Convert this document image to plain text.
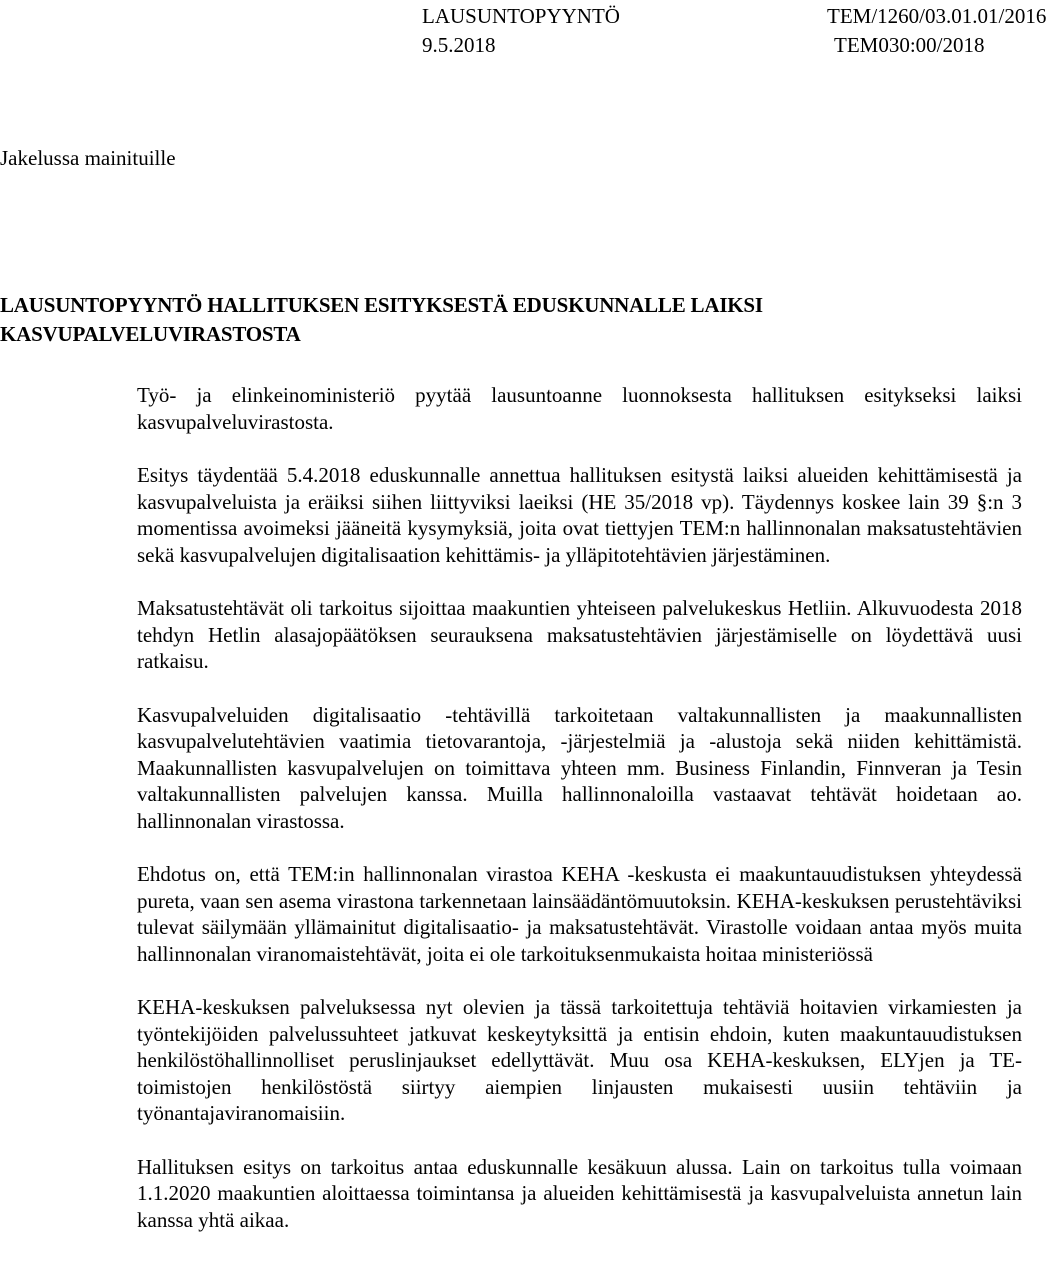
LAUSUNTOPYYNTÖ	TEM/1260/03.01.01/2016
9.5.2018	TEM030:00/2018
Jakelussa mainituille
LAUSUNTOPYYNTÖ HALLITUKSEN ESITYKSESTÄ EDUSKUNNALLE LAIKSI KASVUPALVELUVIRASTOSTA

Työ- ja elinkeinoministeriö pyytää lausuntoanne luonnoksesta hallituksen esitykseksi laiksi kasvupalveluvirastosta.

Esitys täydentää 5.4.2018 eduskunnalle annettua hallituksen esitystä laiksi alueiden kehittämisestä ja kasvupalveluista ja eräiksi siihen liittyviksi laeiksi (HE 35/2018 vp). Täydennys koskee lain 39 §:n 3 momentissa avoimeksi jääneitä kysymyksiä, joita ovat tiettyjen TEM:n hallinnonalan maksatustehtävien sekä kasvupalvelujen digitalisaation kehittämis- ja ylläpitotehtävien järjestäminen.

Maksatustehtävät oli tarkoitus sijoittaa maakuntien yhteiseen palvelukeskus Hetliin. Alkuvuodesta 2018 tehdyn Hetlin alasajopäätöksen seurauksena maksatustehtävien järjestämiselle on löydettävä uusi ratkaisu.

Kasvupalveluiden digitalisaatio -tehtävillä tarkoitetaan valtakunnallisten ja maakunnallisten kasvupalvelutehtävien vaatimia tietovarantoja, -järjestelmiä ja -alustoja sekä niiden kehittämistä. Maakunnallisten kasvupalvelujen on toimittava yhteen mm. Business Finlandin, Finnveran ja Tesin valtakunnallisten palvelujen kanssa. Muilla hallinnonaloilla vastaavat tehtävät hoidetaan ao. hallinnonalan virastossa.

Ehdotus on, että TEM:in hallinnonalan virastoa KEHA -keskusta ei maakuntauudistuksen yhteydessä pureta, vaan sen asema virastona tarkennetaan lainsäädäntömuutoksin. KEHA-keskuksen perustehtäviksi tulevat säilymään yllämainitut digitalisaatio- ja maksatustehtävät. Virastolle voidaan antaa myös muita hallinnonalan viranomaistehtävät, joita ei ole tarkoituksenmukaista hoitaa ministeriössä

KEHA-keskuksen palveluksessa nyt olevien ja tässä tarkoitettuja tehtäviä hoitavien virkamiesten ja työntekijöiden palvelussuhteet jatkuvat keskeytyksittä ja entisin ehdoin, kuten maakuntauudistuksen henkilöstöhallinnolliset peruslinjaukset edellyttävät. Muu osa KEHA-keskuksen, ELYjen ja TE-toimistojen henkilöstöstä siirtyy aiempien linjausten mukaisesti uusiin tehtäviin ja työnantajaviranomaisiin.

Hallituksen esitys on tarkoitus antaa eduskunnalle kesäkuun alussa. Lain on tarkoitus tulla voimaan 1.1.2020 maakuntien aloittaessa toimintansa ja alueiden kehittämisestä ja kasvupalveluista annetun lain kanssa yhtä aikaa.
